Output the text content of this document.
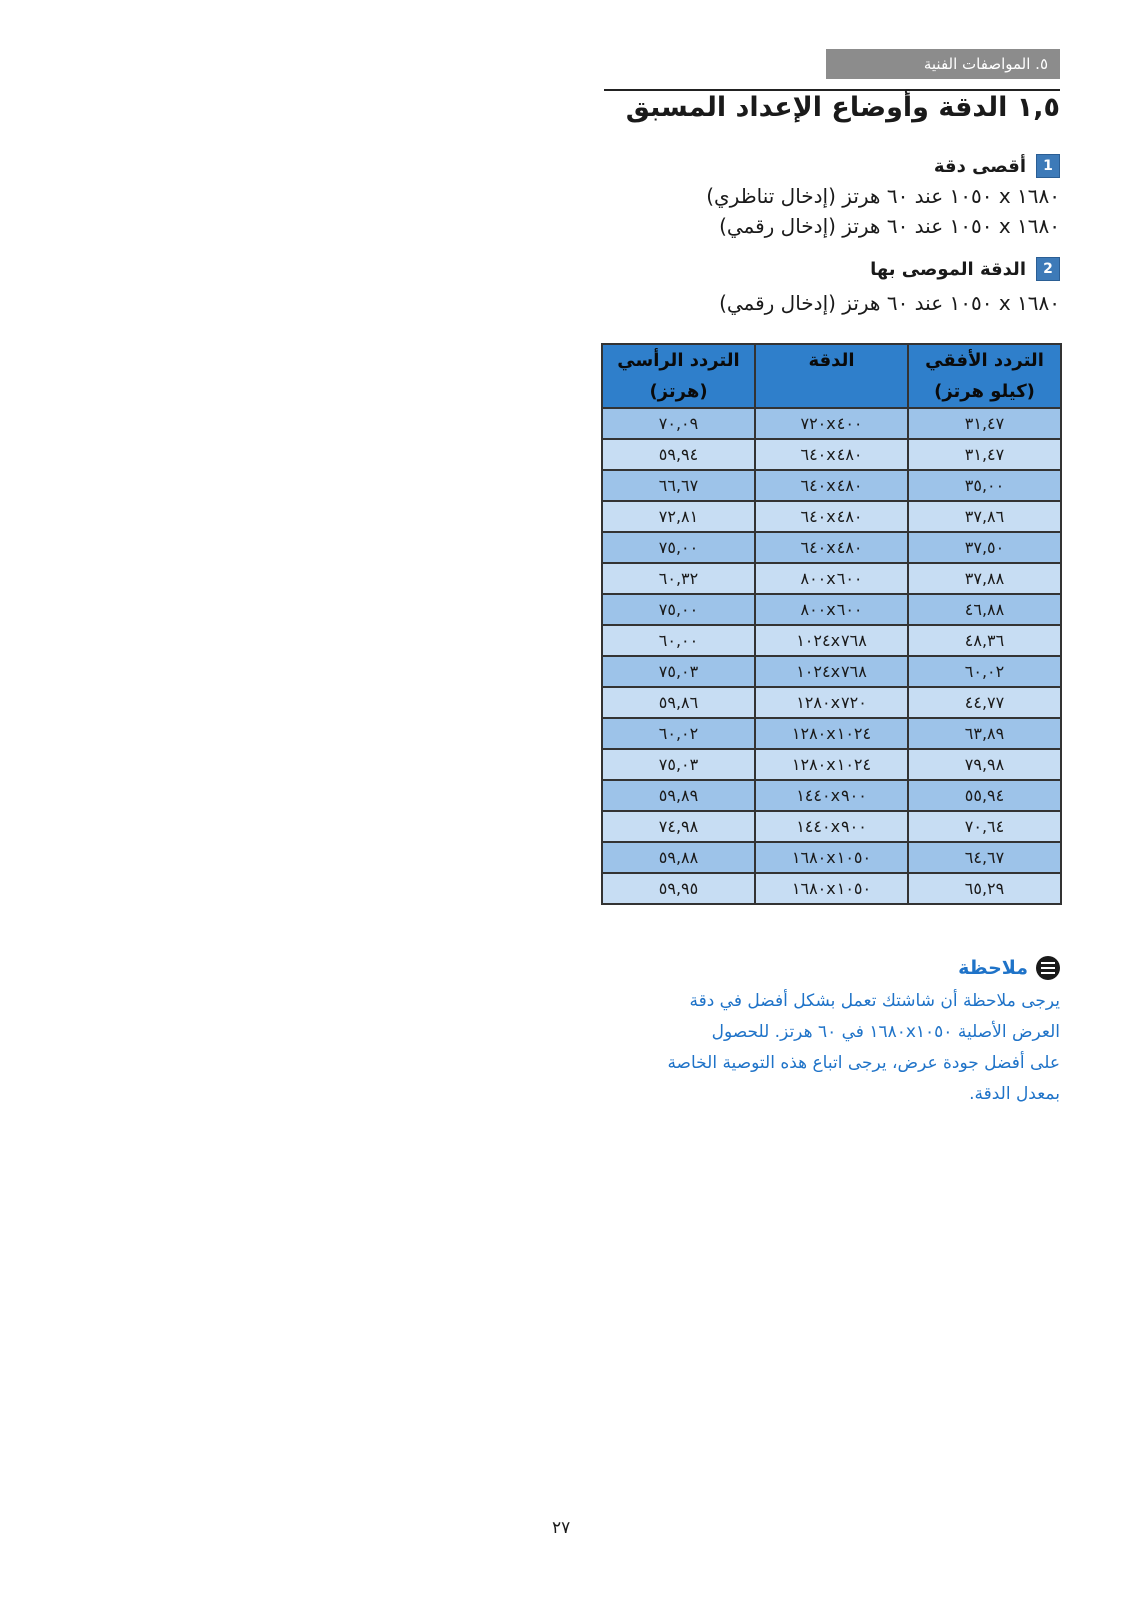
٥. المواصفات الفنية
١,٥ الدقة وأوضاع الإعداد المسبق
1
أقصى دقة
١٦٨٠ x ١٠٥٠ عند ٦٠ هرتز (إدخال تناظري)
١٦٨٠ x ١٠٥٠ عند ٦٠ هرتز (إدخال رقمي)
2
الدقة الموصى بها
١٦٨٠ x ١٠٥٠ عند ٦٠ هرتز (إدخال رقمي)
التردد الأفقي	الدقة	التردد الرأسي
(كيلو هرتز)		(هرتز)
٣١,٤٧	٧٢٠x٤٠٠	٧٠,٠٩
٣١,٤٧	٦٤٠x٤٨٠	٥٩,٩٤
٣٥,٠٠	٦٤٠x٤٨٠	٦٦,٦٧
٣٧,٨٦	٦٤٠x٤٨٠	٧٢,٨١
٣٧,٥٠	٦٤٠x٤٨٠	٧٥,٠٠
٣٧,٨٨	٨٠٠x٦٠٠	٦٠,٣٢
٤٦,٨٨	٨٠٠x٦٠٠	٧٥,٠٠
٤٨,٣٦	١٠٢٤x٧٦٨	٦٠,٠٠
٦٠,٠٢	١٠٢٤x٧٦٨	٧٥,٠٣
٤٤,٧٧	١٢٨٠x٧٢٠	٥٩,٨٦
٦٣,٨٩	١٢٨٠x١٠٢٤	٦٠,٠٢
٧٩,٩٨	١٢٨٠x١٠٢٤	٧٥,٠٣
٥٥,٩٤	١٤٤٠x٩٠٠	٥٩,٨٩
٧٠,٦٤	١٤٤٠x٩٠٠	٧٤,٩٨
٦٤,٦٧	١٦٨٠x١٠٥٠	٥٩,٨٨
٦٥,٢٩	١٦٨٠x١٠٥٠	٥٩,٩٥
ملاحظة
يرجى ملاحظة أن شاشتك تعمل بشكل أفضل في دقة
العرض الأصلية ١٦٨٠x١٠٥٠ في ٦٠ هرتز. للحصول
على أفضل جودة عرض، يرجى اتباع هذه التوصية الخاصة
بمعدل الدقة.
٢٧
